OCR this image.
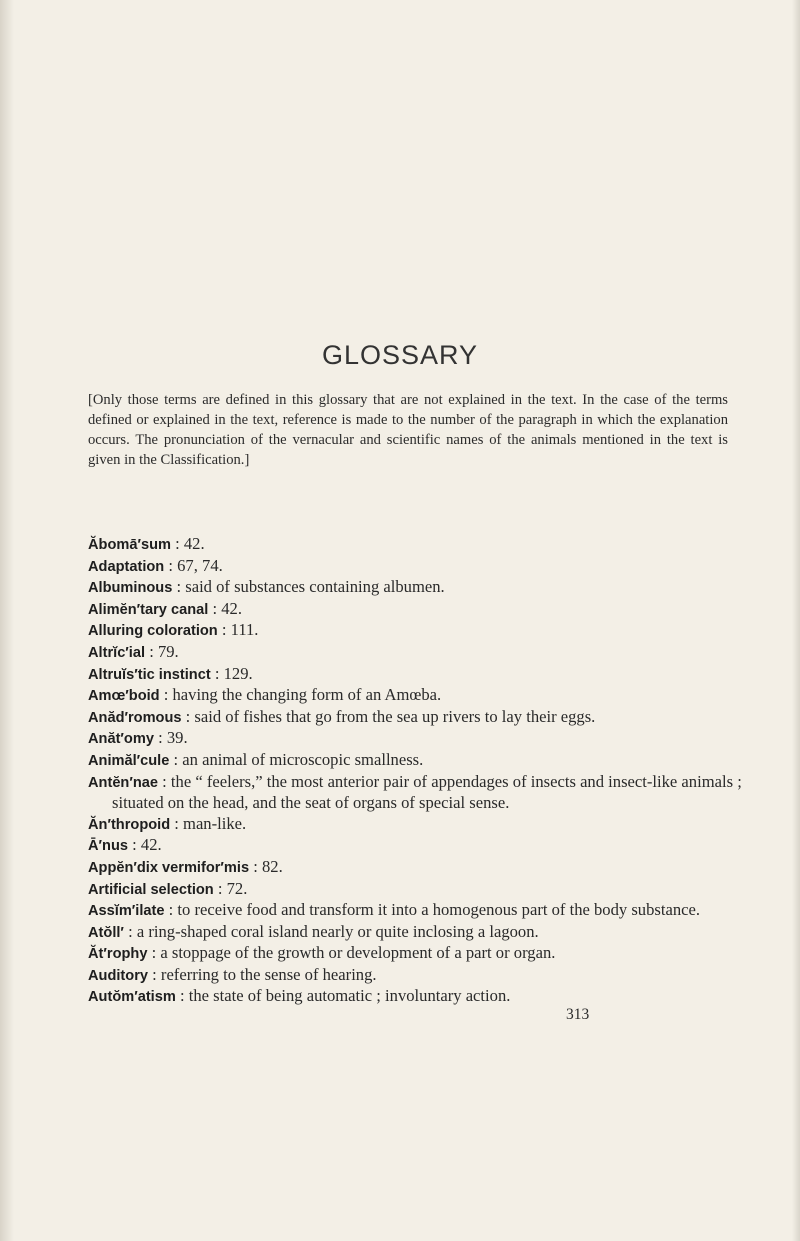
GLOSSARY

[Only those terms are defined in this glossary that are not explained in the text. In the case of the terms defined or explained in the text, reference is made to the number of the paragraph in which the explanation occurs. The pronunciation of the vernacular and scientific names of the animals mentioned in the text is given in the Classification.]

Ăbomā′sum : 42.
Adaptation : 67, 74.
Albuminous : said of substances containing albumen.
Alimĕn′tary canal : 42.
Alluring coloration : 111.
Altrĭc′ial : 79.
Altruĭs′tic instinct : 129.
Amœ′boid : having the changing form of an Amœba.
Anăd′romous : said of fishes that go from the sea up rivers to lay their eggs.
Anăt′omy : 39.
Animăl′cule : an animal of microscopic smallness.
Antĕn′nae : the “ feelers,” the most anterior pair of appendages of insects and insect-like animals ; situated on the head, and the seat of organs of special sense.
Ăn′thropoid : man-like.
Ā′nus : 42.
Appĕn′dix vermifor′mis : 82.
Artificial selection : 72.
Assĭm′ilate : to receive food and transform it into a homogenous part of the body substance.
Atŏll′ : a ring-shaped coral island nearly or quite inclosing a lagoon.
Ăt′rophy : a stoppage of the growth or development of a part or organ.
Auditory : referring to the sense of hearing.
Autŏm′atism : the state of being automatic ; involuntary action.

313
